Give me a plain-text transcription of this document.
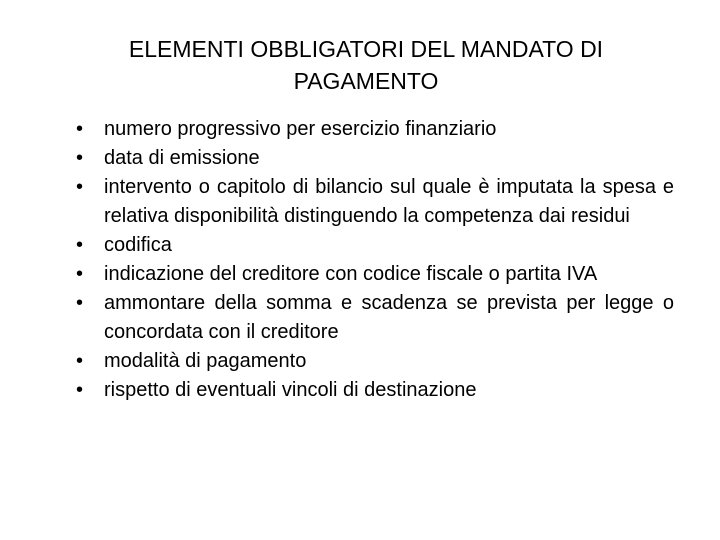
ELEMENTI OBBLIGATORI DEL MANDATO DI
PAGAMENTO
•	numero progressivo per esercizio finanziario
•	data di emissione
•	intervento o capitolo di bilancio sul quale è imputata la spesa e relativa disponibilità distinguendo la competenza dai residui
•	codifica
•	indicazione del creditore con codice fiscale o partita IVA
•	ammontare della somma e scadenza se prevista per legge o concordata con il creditore
•	modalità di pagamento
•	rispetto di eventuali vincoli di destinazione
